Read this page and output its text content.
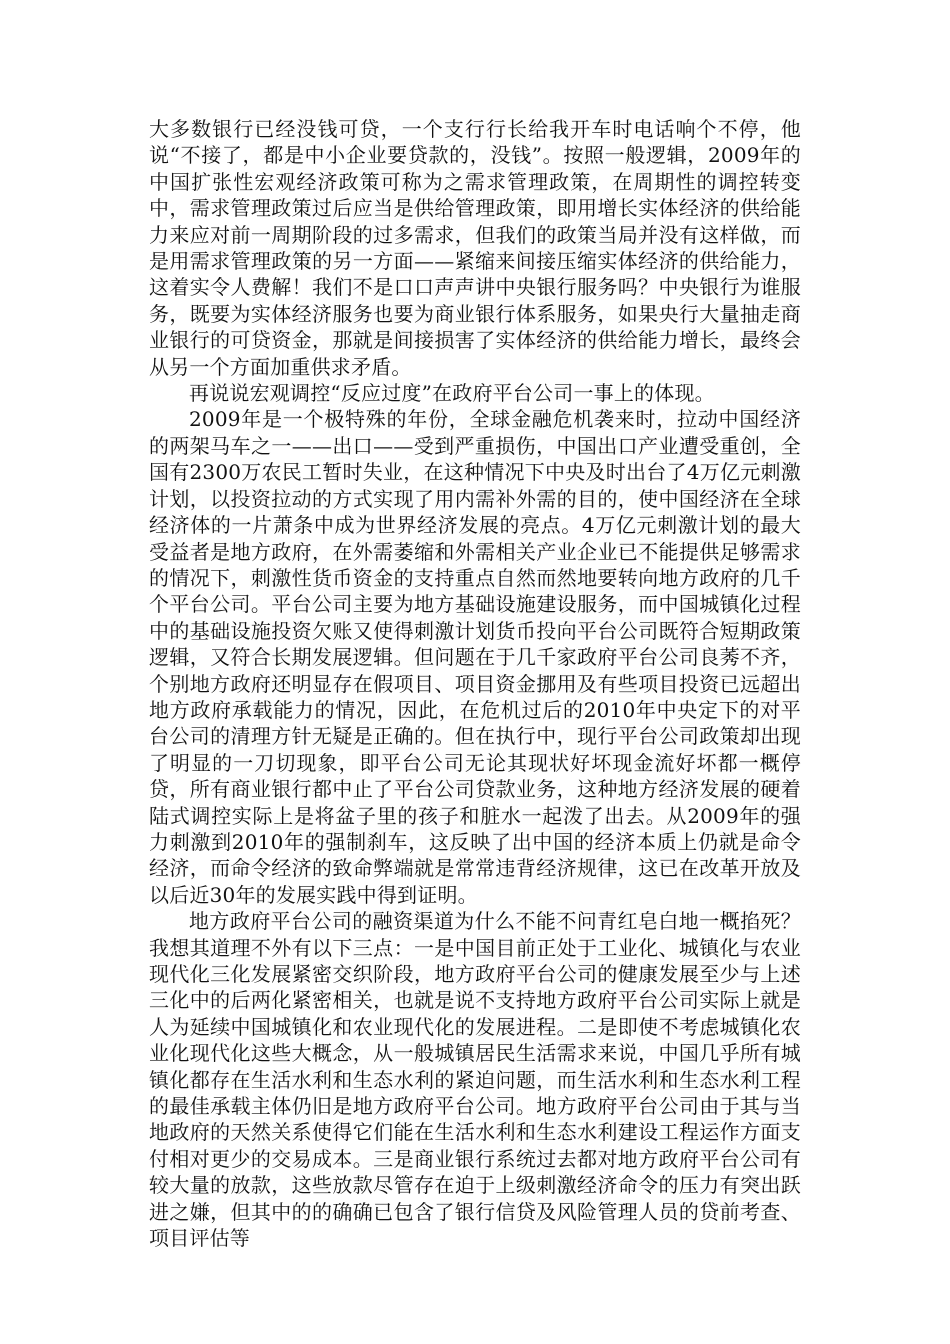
大多数银行已经没钱可贷，一个支行行长给我开车时电话响个不停，他说“不接了，都是中小企业要贷款的，没钱”。按照一般逻辑，2009年的中国扩张性宏观经济政策可称为之需求管理政策，在周期性的调控转变中，需求管理政策过后应当是供给管理政策，即用增长实体经济的供给能力来应对前一周期阶段的过多需求，但我们的政策当局并没有这样做，而是用需求管理政策的另一方面——紧缩来间接压缩实体经济的供给能力，这着实令人费解！我们不是口口声声讲中央银行服务吗？中央银行为谁服务，既要为实体经济服务也要为商业银行体系服务，如果央行大量抽走商业银行的可贷资金，那就是间接损害了实体经济的供给能力增长，最终会从另一个方面加重供求矛盾。

再说说宏观调控“反应过度”在政府平台公司一事上的体现。

2009年是一个极特殊的年份，全球金融危机袭来时，拉动中国经济的两架马车之一——出口——受到严重损伤，中国出口产业遭受重创，全国有2300万农民工暂时失业，在这种情况下中央及时出台了4万亿元刺激计划，以投资拉动的方式实现了用内需补外需的目的，使中国经济在全球经济体的一片萧条中成为世界经济发展的亮点。4万亿元刺激计划的最大受益者是地方政府，在外需萎缩和外需相关产业企业已不能提供足够需求的情况下，刺激性货币资金的支持重点自然而然地要转向地方政府的几千个平台公司。平台公司主要为地方基础设施建设服务，而中国城镇化过程中的基础设施投资欠账又使得刺激计划货币投向平台公司既符合短期政策逻辑，又符合长期发展逻辑。但问题在于几千家政府平台公司良莠不齐，个别地方政府还明显存在假项目、项目资金挪用及有些项目投资已远超出地方政府承载能力的情况，因此，在危机过后的2010年中央定下的对平台公司的清理方针无疑是正确的。但在执行中，现行平台公司政策却出现了明显的一刀切现象，即平台公司无论其现状好坏现金流好坏都一概停贷，所有商业银行都中止了平台公司贷款业务，这种地方经济发展的硬着陆式调控实际上是将盆子里的孩子和脏水一起泼了出去。从2009年的强力刺激到2010年的强制刹车，这反映了出中国的经济本质上仍就是命令经济，而命令经济的致命弊端就是常常违背经济规律，这已在改革开放及以后近30年的发展实践中得到证明。

地方政府平台公司的融资渠道为什么不能不问青红皂白地一概掐死？我想其道理不外有以下三点：一是中国目前正处于工业化、城镇化与农业现代化三化发展紧密交织阶段，地方政府平台公司的健康发展至少与上述三化中的后两化紧密相关，也就是说不支持地方政府平台公司实际上就是人为延续中国城镇化和农业现代化的发展进程。二是即使不考虑城镇化农业化现代化这些大概念，从一般城镇居民生活需求来说，中国几乎所有城镇化都存在生活水利和生态水利的紧迫问题，而生活水利和生态水利工程的最佳承载主体仍旧是地方政府平台公司。地方政府平台公司由于其与当地政府的天然关系使得它们能在生活水利和生态水利建设工程运作方面支付相对更少的交易成本。三是商业银行系统过去都对地方政府平台公司有较大量的放款，这些放款尽管存在迫于上级刺激经济命令的压力有突出跃进之嫌，但其中的的确确已包含了银行信贷及风险管理人员的贷前考查、项目评估等
